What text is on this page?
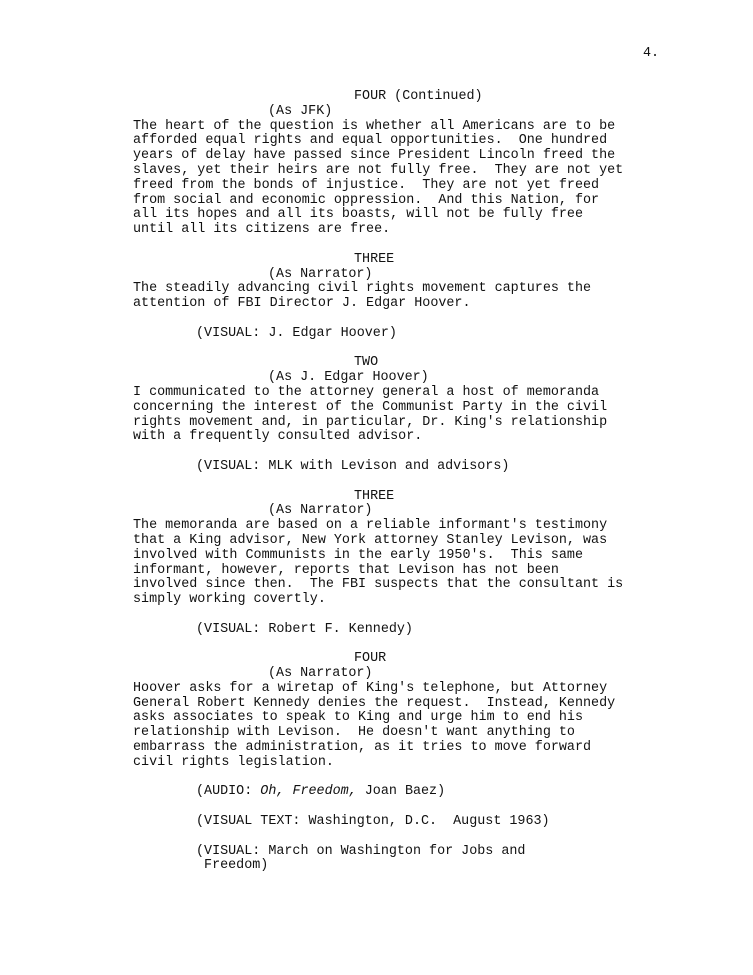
4.
FOUR (Continued)
(As JFK)
The heart of the question is whether all Americans are to be
afforded equal rights and equal opportunities.  One hundred
years of delay have passed since President Lincoln freed the
slaves, yet their heirs are not fully free.  They are not yet
freed from the bonds of injustice.  They are not yet freed
from social and economic oppression.  And this Nation, for
all its hopes and all its boasts, will not be fully free
until all its citizens are free.
THREE
(As Narrator)
The steadily advancing civil rights movement captures the
attention of FBI Director J. Edgar Hoover.
(VISUAL: J. Edgar Hoover)
TWO
(As J. Edgar Hoover)
I communicated to the attorney general a host of memoranda
concerning the interest of the Communist Party in the civil
rights movement and, in particular, Dr. King's relationship
with a frequently consulted advisor.
(VISUAL: MLK with Levison and advisors)
THREE
(As Narrator)
The memoranda are based on a reliable informant's testimony
that a King advisor, New York attorney Stanley Levison, was
involved with Communists in the early 1950's.  This same
informant, however, reports that Levison has not been
involved since then.  The FBI suspects that the consultant is
simply working covertly.
(VISUAL: Robert F. Kennedy)
FOUR
(As Narrator)
Hoover asks for a wiretap of King's telephone, but Attorney
General Robert Kennedy denies the request.  Instead, Kennedy
asks associates to speak to King and urge him to end his
relationship with Levison.  He doesn't want anything to
embarrass the administration, as it tries to move forward
civil rights legislation.
(AUDIO: Oh, Freedom, Joan Baez)
(VISUAL TEXT: Washington, D.C.  August 1963)
(VISUAL: March on Washington for Jobs and
Freedom)
